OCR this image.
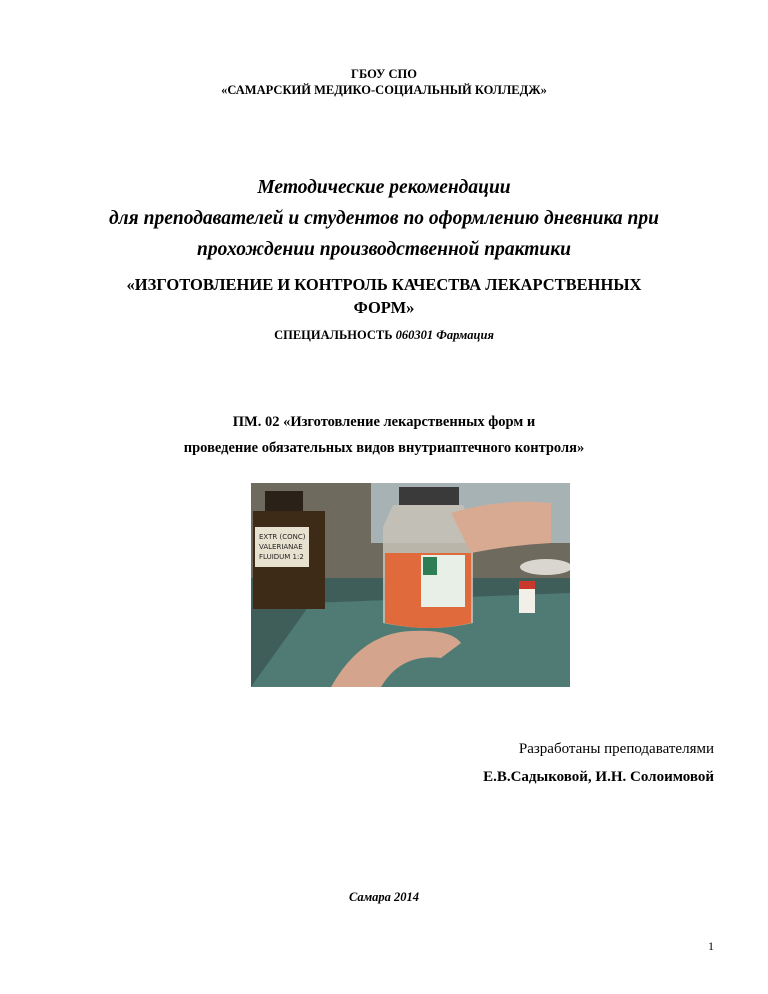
ГБОУ СПО
«САМАРСКИЙ МЕДИКО-СОЦИАЛЬНЫЙ КОЛЛЕДЖ»
Методические рекомендации
для преподавателей и студентов по оформлению дневника при
прохождении производственной практики
«ИЗГОТОВЛЕНИЕ И КОНТРОЛЬ КАЧЕСТВА ЛЕКАРСТВЕННЫХ
ФОРМ»
СПЕЦИАЛЬНОСТЬ 060301 Фармация
ПМ. 02 «Изготовление лекарственных форм и
проведение обязательных видов внутриаптечного контроля»
EXTR (CONC)
VALERIANAE
FLUIDUM 1:2
Разработаны преподавателями
Е.В.Садыковой, И.Н. Солоимовой
Самара 2014
1
